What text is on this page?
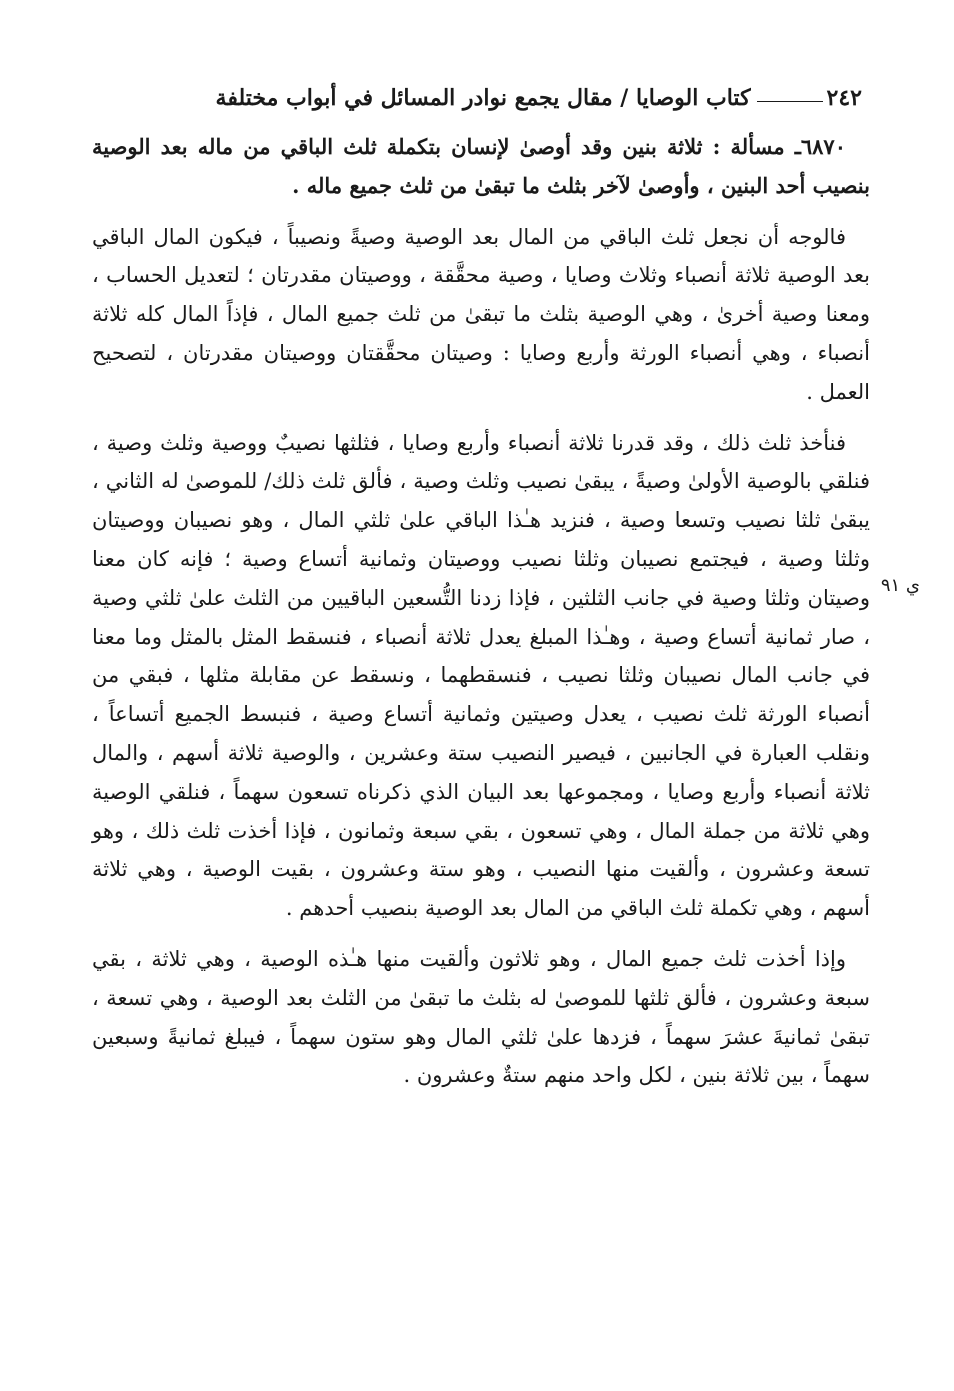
٢٤٢
كتاب الوصايا / مقال يجمع نوادر المسائل في أبواب مختلفة
ي ٩١

٦٨٧٠ـ مسألة : ثلاثة بنين وقد أوصىٰ لإنسان بتكملة ثلث الباقي من ماله بعد الوصية بنصيب أحد البنين ، وأوصىٰ لآخر بثلث ما تبقىٰ من ثلث جميع ماله .

فالوجه أن نجعل ثلث الباقي من المال بعد الوصية وصيةً ونصيباً ، فيكون المال الباقي بعد الوصية ثلاثة أنصباء وثلاث وصايا ، وصية محقَّقة ، ووصيتان مقدرتان ؛ لتعديل الحساب ، ومعنا وصية أخرىٰ ، وهي الوصية بثلث ما تبقىٰ من ثلث جميع المال ، فإذاً المال كله ثلاثة أنصباء ، وهي أنصباء الورثة وأربع وصايا : وصيتان محقَّقتان ووصيتان مقدرتان ، لتصحيح العمل .

فنأخذ ثلث ذلك ، وقد قدرنا ثلاثة أنصباء وأربع وصايا ، فثلثها نصيبٌ ووصية وثلث وصية ، فنلقي بالوصية الأولىٰ وصيةً ، يبقىٰ نصيب وثلث وصية ، فألق ثلث ذلك/ للموصىٰ له الثاني ، يبقىٰ ثلثا نصيب وتسعا وصية ، فنزيد هـٰذا الباقي علىٰ ثلثي المال ، وهو نصيبان ووصيتان وثلثا وصية ، فيجتمع نصيبان وثلثا نصيب ووصيتان وثمانية أتساع وصية ؛ فإنه كان معنا وصيتان وثلثا وصية في جانب الثلثين ، فإذا زدنا التُّسعين الباقيين من الثلث علىٰ ثلثي وصية ، صار ثمانية أتساع وصية ، وهـٰذا المبلغ يعدل ثلاثة أنصباء ، فنسقط المثل بالمثل وما معنا في جانب المال نصيبان وثلثا نصيب ، فنسقطهما ، ونسقط عن مقابلة مثلها ، فبقي من أنصباء الورثة ثلث نصيب ، يعدل وصيتين وثمانية أتساع وصية ، فنبسط الجميع أتساعاً ، ونقلب العبارة في الجانبين ، فيصير النصيب ستة وعشرين ، والوصية ثلاثة أسهم ، والمال ثلاثة أنصباء وأربع وصايا ، ومجموعها بعد البيان الذي ذكرناه تسعون سهماً ، فنلقي الوصية وهي ثلاثة من جملة المال ، وهي تسعون ، بقي سبعة وثمانون ، فإذا أخذت ثلث ذلك ، وهو تسعة وعشرون ، وألقيت منها النصيب ، وهو ستة وعشرون ، بقيت الوصية ، وهي ثلاثة أسهم ، وهي تكملة ثلث الباقي من المال بعد الوصية بنصيب أحدهم .

وإذا أخذت ثلث جميع المال ، وهو ثلاثون وألقيت منها هـٰذه الوصية ، وهي ثلاثة ، بقي سبعة وعشرون ، فألق ثلثها للموصىٰ له بثلث ما تبقىٰ من الثلث بعد الوصية ، وهي تسعة ، تبقىٰ ثمانيةَ عشرَ سهماً ، فزدها علىٰ ثلثي المال وهو ستون سهماً ، فيبلغ ثمانيةً وسبعين سهماً ، بين ثلاثة بنين ، لكل واحد منهم ستةٌ وعشرون .
